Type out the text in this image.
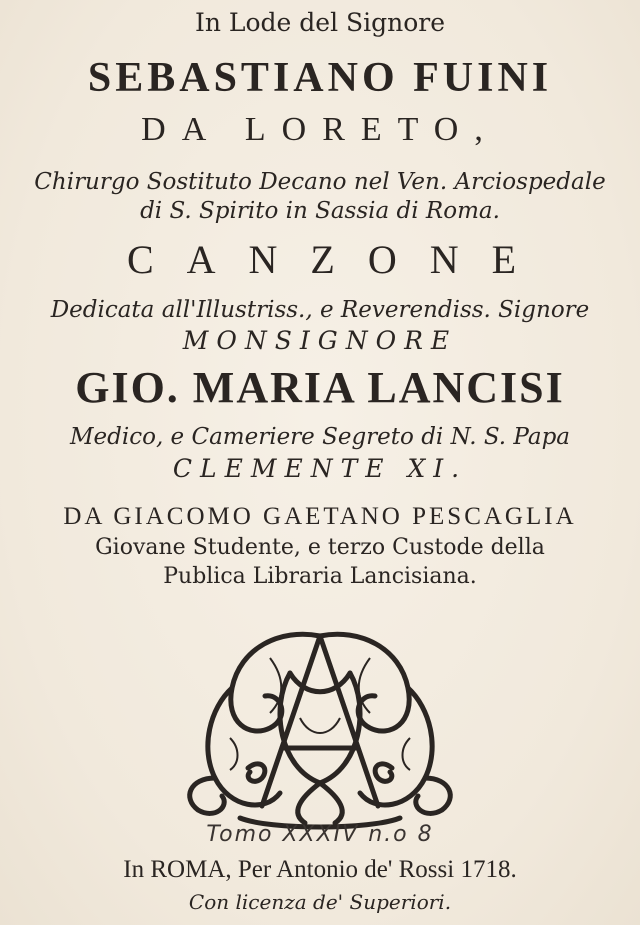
In Lode del Signore
SEBASTIANO FUINI
DA LORETO,
Chirurgo Sostituto Decano nel Ven. Arciospedale
di S. Spirito in Sassia di Roma.
CANZONE
Dedicata all'Illustriss., e Reverendiss. Signore
MONSIGNORE
GIO. MARIA LANCISI
Medico, e Cameriere Segreto di N. S. Papa
CLEMENTE XI.
DA GIACOMO GAETANO PESCAGLIA
Giovane Studente, e terzo Custode della
Publica Libraria Lancisiana.
Tomo XXXIV n.o 8
In ROMA, Per Antonio de' Rossi 1718.
Con licenza de' Superiori.
